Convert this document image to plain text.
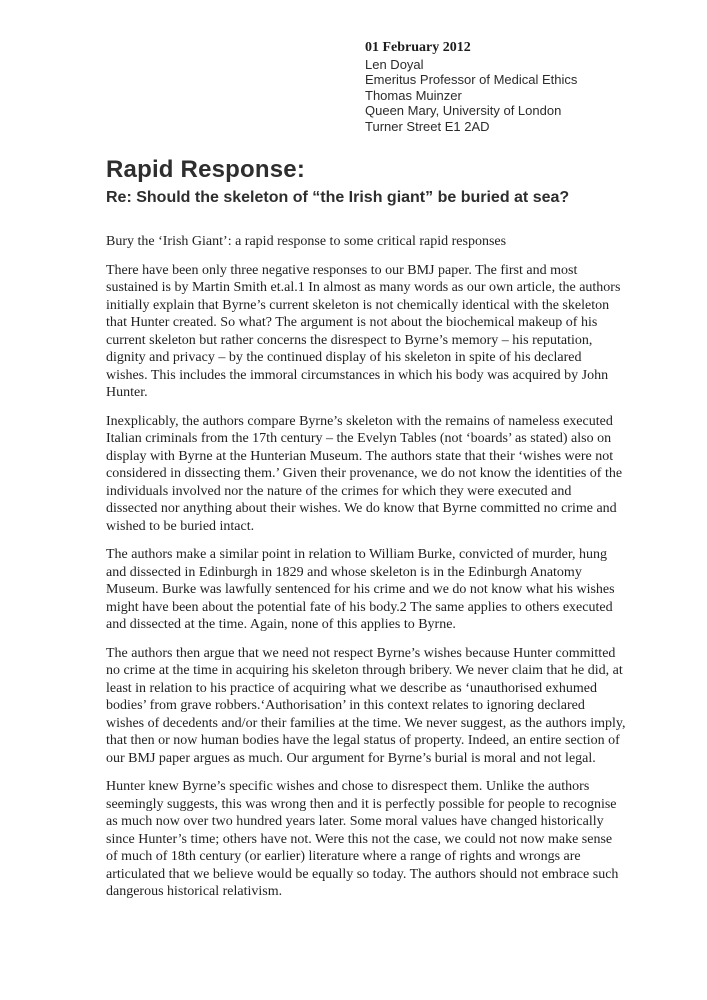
01 February 2012
Len Doyal
Emeritus Professor of Medical Ethics
Thomas Muinzer
Queen Mary, University of London
Turner Street E1 2AD
Rapid Response:
Re: Should the skeleton of “the Irish giant” be buried at sea?

Bury the ‘Irish Giant’: a rapid response to some critical rapid responses

There have been only three negative responses to our BMJ paper. The first and most sustained is by Martin Smith et.al.1 In almost as many words as our own article, the authors initially explain that Byrne’s current skeleton is not chemically identical with the skeleton that Hunter created. So what? The argument is not about the biochemical makeup of his current skeleton but rather concerns the disrespect to Byrne’s memory – his reputation, dignity and privacy – by the continued display of his skeleton in spite of his declared wishes. This includes the immoral circumstances in which his body was acquired by John Hunter.

Inexplicably, the authors compare Byrne’s skeleton with the remains of nameless executed Italian criminals from the 17th century – the Evelyn Tables (not ‘boards’ as stated) also on display with Byrne at the Hunterian Museum. The authors state that their ‘wishes were not considered in dissecting them.’ Given their provenance, we do not know the identities of the individuals involved nor the nature of the crimes for which they were executed and dissected nor anything about their wishes. We do know that Byrne committed no crime and wished to be buried intact.

The authors make a similar point in relation to William Burke, convicted of murder, hung and dissected in Edinburgh in 1829 and whose skeleton is in the Edinburgh Anatomy Museum. Burke was lawfully sentenced for his crime and we do not know what his wishes might have been about the potential fate of his body.2 The same applies to others executed and dissected at the time. Again, none of this applies to Byrne.

The authors then argue that we need not respect Byrne’s wishes because Hunter committed no crime at the time in acquiring his skeleton through bribery. We never claim that he did, at least in relation to his practice of acquiring what we describe as ‘unauthorised exhumed bodies’ from grave robbers.‘Authorisation’ in this context relates to ignoring declared wishes of decedents and/or their families at the time. We never suggest, as the authors imply, that then or now human bodies have the legal status of property. Indeed, an entire section of our BMJ paper argues as much. Our argument for Byrne’s burial is moral and not legal.

Hunter knew Byrne’s specific wishes and chose to disrespect them. Unlike the authors seemingly suggests, this was wrong then and it is perfectly possible for people to recognise as much now over two hundred years later. Some moral values have changed historically since Hunter’s time; others have not. Were this not the case, we could not now make sense of much of 18th century (or earlier) literature where a range of rights and wrongs are articulated that we believe would be equally so today. The authors should not embrace such dangerous historical relativism.
